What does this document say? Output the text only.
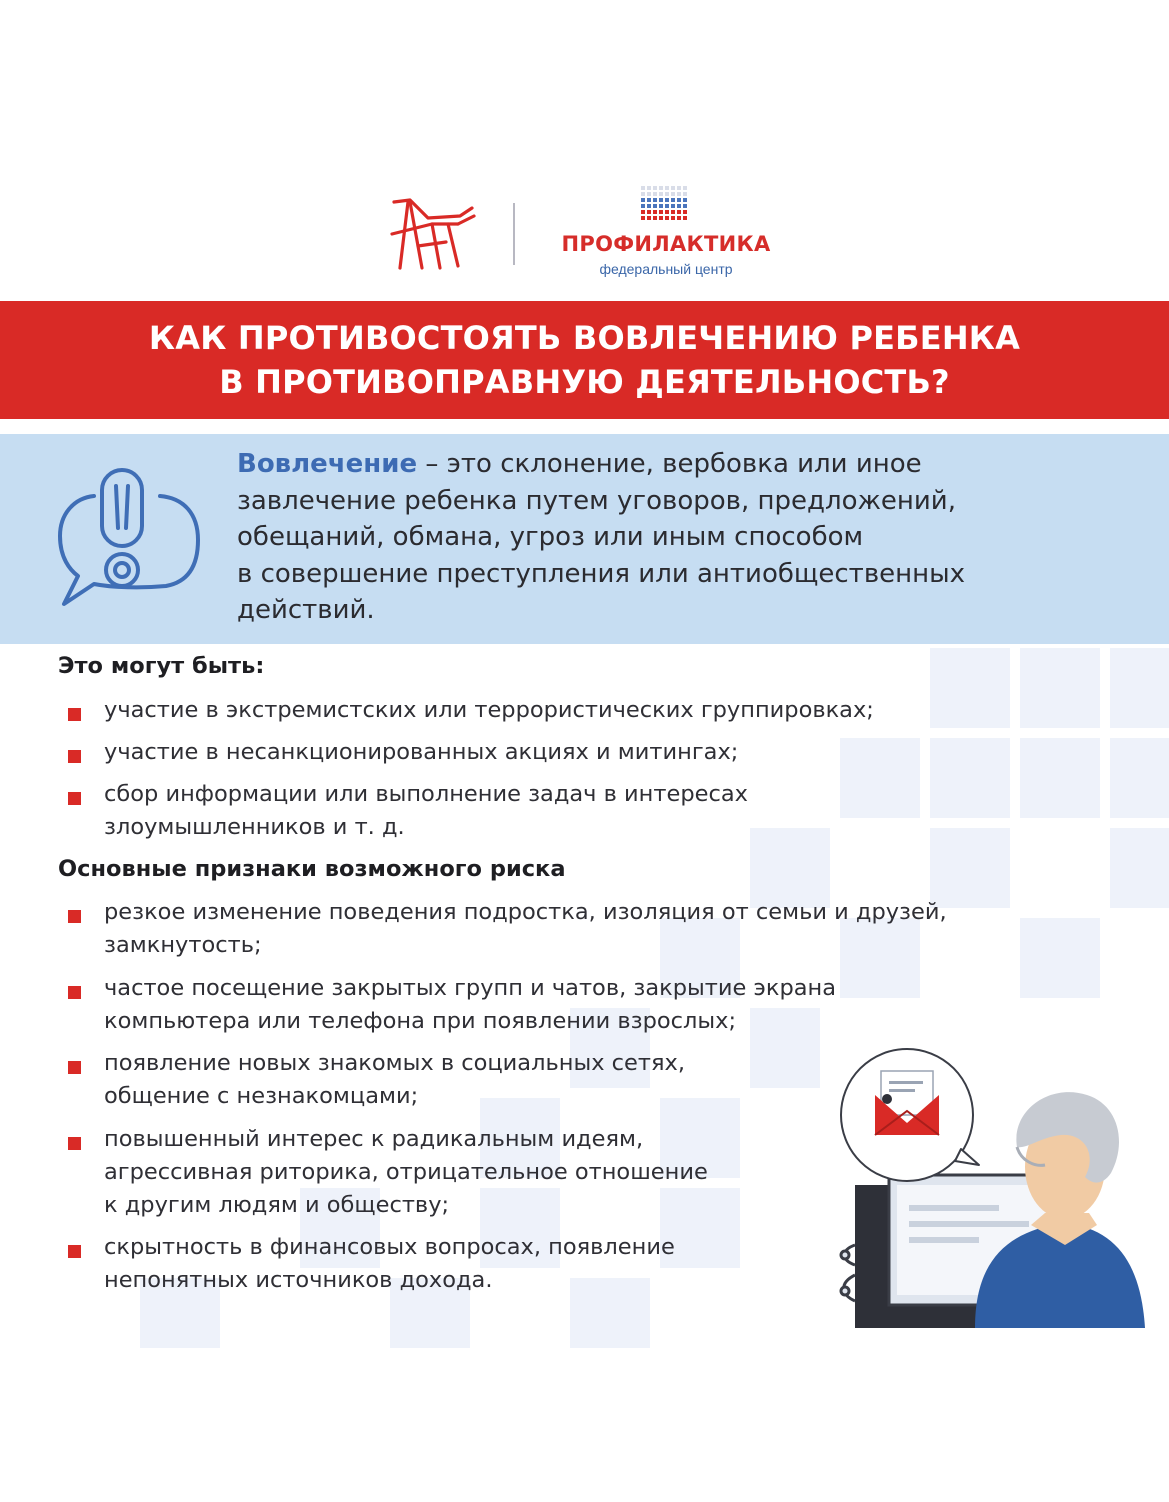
ПРОФИЛАКТИКА
федеральный центр
КАК ПРОТИВОСТОЯТЬ ВОВЛЕЧЕНИЮ РЕБЕНКА
В ПРОТИВОПРАВНУЮ ДЕЯТЕЛЬНОСТЬ?
Вовлечение – это склонение, вербовка или иное
завлечение ребенка путем уговоров, предложений,
обещаний, обмана, угроз или иным способом
в совершение преступления или антиобщественных
действий.
Это могут быть:
участие в экстремистских или террористических группировках;
участие в несанкционированных акциях и митингах;
сбор информации или выполнение задач в интересах
злоумышленников и т. д.
Основные признаки возможного риска
резкое изменение поведения подростка, изоляция от семьи и друзей,
замкнутость;
частое посещение закрытых групп и чатов, закрытие экрана
компьютера или телефона при появлении взрослых;
появление новых знакомых в социальных сетях,
общение с незнакомцами;
повышенный интерес к радикальным идеям,
агрессивная риторика, отрицательное отношение
к другим людям и обществу;
скрытность в финансовых вопросах, появление
непонятных источников дохода.
